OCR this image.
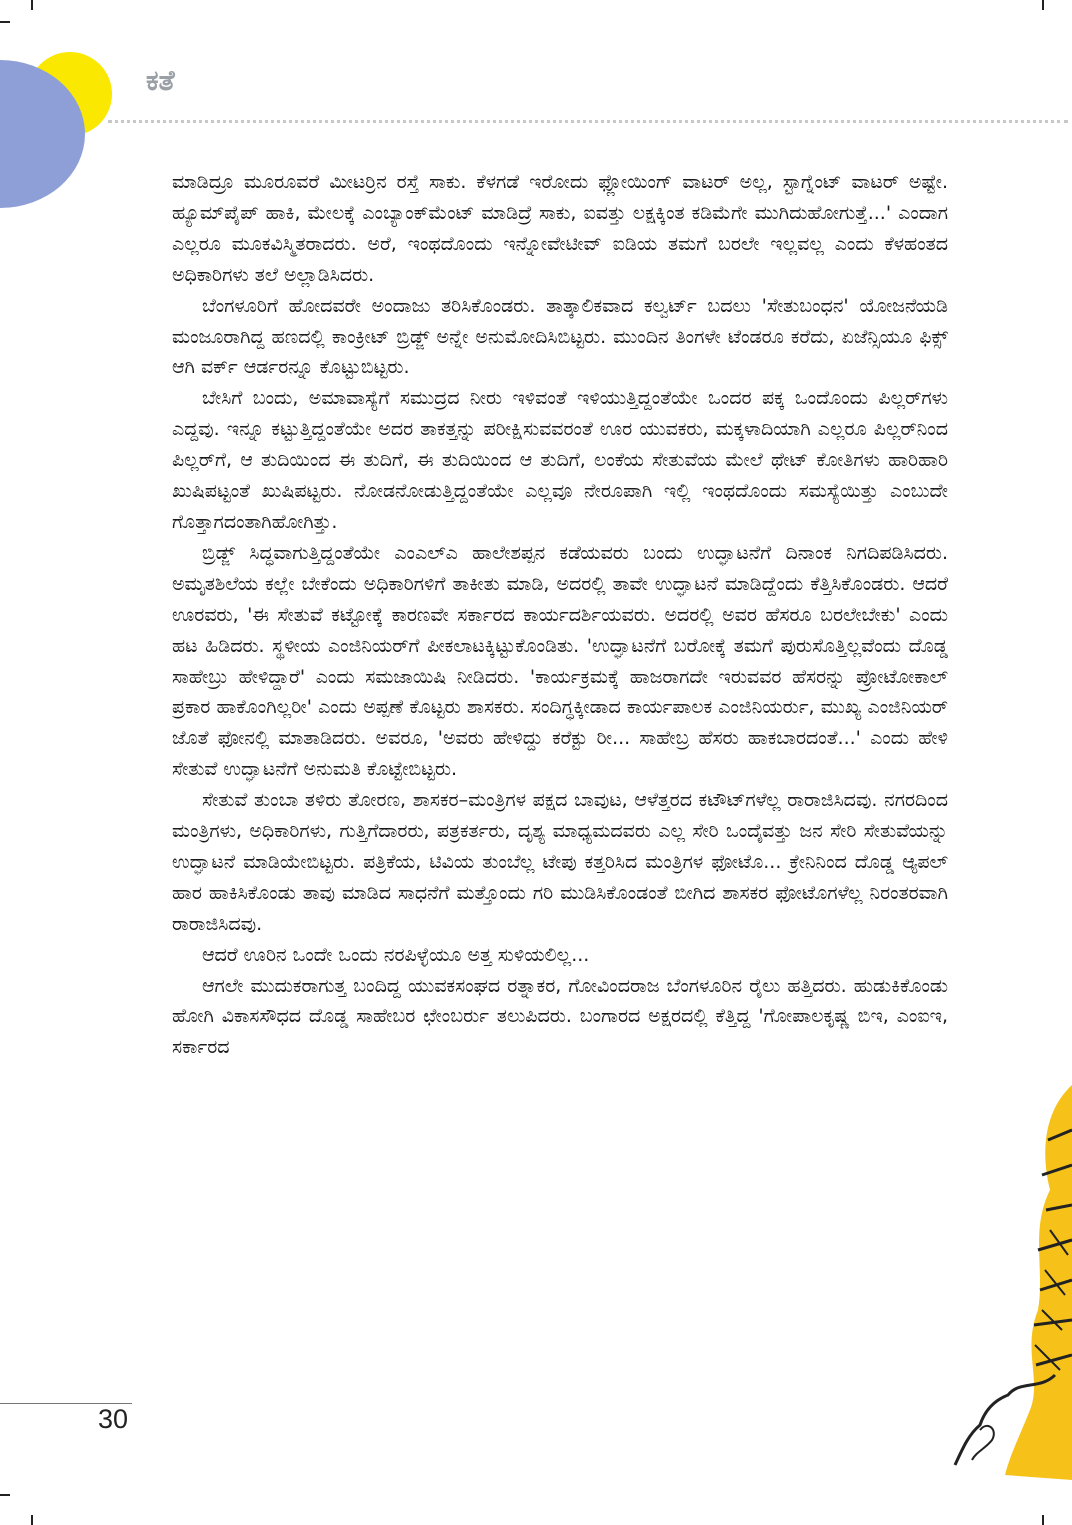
ಕತೆ

ಮಾಡಿದ್ರೂ ಮೂರೂವರೆ ಮೀಟರ್ರಿನ ರಸ್ತೆ ಸಾಕು. ಕೆಳಗಡೆ ಇರೋದು ಫ್ಲೋಯಿಂಗ್ ವಾಟರ್ ಅಲ್ಲ, ಸ್ಟಾಗ್ನೆಂಟ್ ವಾಟರ್ ಅಷ್ಟೇ. ಹ್ಯೂಮ್‌ಪೈಪ್ ಹಾಕಿ, ಮೇಲಕ್ಕೆ ಎಂಬ್ಯಾಂಕ್‌ಮೆಂಟ್ ಮಾಡಿದ್ರೆ ಸಾಕು, ಐವತ್ತು ಲಕ್ಷಕ್ಕಿಂತ ಕಡಿಮೆಗೇ ಮುಗಿದುಹೋಗುತ್ತೆ...' ಎಂದಾಗ ಎಲ್ಲರೂ ಮೂಕವಿಸ್ಮಿತರಾದರು. ಅರೆ, ಇಂಥದೊಂದು ಇನ್ನೋವೇಟೀವ್ ಐಡಿಯ ತಮಗೆ ಬರಲೇ ಇಲ್ಲವಲ್ಲ ಎಂದು ಕೆಳಹಂತದ ಅಧಿಕಾರಿಗಳು ತಲೆ ಅಲ್ಲಾಡಿಸಿದರು.

ಬೆಂಗಳೂರಿಗೆ ಹೋದವರೇ ಅಂದಾಜು ತರಿಸಿಕೊಂಡರು. ತಾತ್ಕಾಲಿಕವಾದ ಕಲ್ವರ್ಟ್ ಬದಲು 'ಸೇತುಬಂಧನ' ಯೋಜನೆಯಡಿ ಮಂಜೂರಾಗಿದ್ದ ಹಣದಲ್ಲಿ ಕಾಂಕ್ರೀಟ್ ಬ್ರಿಡ್ಜ್ ಅನ್ನೇ ಅನುಮೋದಿಸಿಬಿಟ್ಟರು. ಮುಂದಿನ ತಿಂಗಳೇ ಟೆಂಡರೂ ಕರೆದು, ಏಜೆನ್ಸಿಯೂ ಫಿಕ್ಸ್ ಆಗಿ ವರ್ಕ್ ಆರ್ಡರನ್ನೂ ಕೊಟ್ಟುಬಿಟ್ಟರು.

ಬೇಸಿಗೆ ಬಂದು, ಅಮಾವಾಸ್ಯೆಗೆ ಸಮುದ್ರದ ನೀರು ಇಳಿವಂತೆ ಇಳಿಯುತ್ತಿದ್ದಂತೆಯೇ ಒಂದರ ಪಕ್ಕ ಒಂದೊಂದು ಪಿಲ್ಲರ್‌ಗಳು ಎದ್ದವು. ಇನ್ನೂ ಕಟ್ಟುತ್ತಿದ್ದಂತೆಯೇ ಅದರ ತಾಕತ್ತನ್ನು ಪರೀಕ್ಷಿಸುವವರಂತೆ ಊರ ಯುವಕರು, ಮಕ್ಕಳಾದಿಯಾಗಿ ಎಲ್ಲರೂ ಪಿಲ್ಲರ್‌ನಿಂದ ಪಿಲ್ಲರ್‌ಗೆ, ಆ ತುದಿಯಿಂದ ಈ ತುದಿಗೆ, ಈ ತುದಿಯಿಂದ ಆ ತುದಿಗೆ, ಲಂಕೆಯ ಸೇತುವೆಯ ಮೇಲೆ ಥೇಟ್ ಕೋತಿಗಳು ಹಾರಿಹಾರಿ ಖುಷಿಪಟ್ಟಂತೆ ಖುಷಿಪಟ್ಟರು. ನೋಡನೋಡುತ್ತಿದ್ದಂತೆಯೇ ಎಲ್ಲವೂ ನೇರೂಪಾಗಿ ಇಲ್ಲಿ ಇಂಥದೊಂದು ಸಮಸ್ಯೆಯಿತ್ತು ಎಂಬುದೇ ಗೊತ್ತಾಗದಂತಾಗಿಹೋಗಿತ್ತು.

ಬ್ರಿಡ್ಜ್ ಸಿದ್ಧವಾಗುತ್ತಿದ್ದಂತೆಯೇ ಎಂಎಲ್‌ಎ ಹಾಲೇಶಪ್ಪನ ಕಡೆಯವರು ಬಂದು ಉದ್ಘಾಟನೆಗೆ ದಿನಾಂಕ ನಿಗದಿಪಡಿಸಿದರು. ಅಮೃತಶಿಲೆಯ ಕಲ್ಲೇ ಬೇಕೆಂದು ಅಧಿಕಾರಿಗಳಿಗೆ ತಾಕೀತು ಮಾಡಿ, ಅದರಲ್ಲಿ ತಾವೇ ಉದ್ಘಾಟನೆ ಮಾಡಿದ್ದೆಂದು ಕೆತ್ತಿಸಿಕೊಂಡರು. ಆದರೆ ಊರವರು, 'ಈ ಸೇತುವೆ ಕಟ್ಟೋಕ್ಕೆ ಕಾರಣವೇ ಸರ್ಕಾರದ ಕಾರ್ಯದರ್ಶಿಯವರು. ಅದರಲ್ಲಿ ಅವರ ಹೆಸರೂ ಬರಲೇಬೇಕು' ಎಂದು ಹಟ ಹಿಡಿದರು. ಸ್ಥಳೀಯ ಎಂಜಿನಿಯರ್‌ಗೆ ಪೀಕಲಾಟಕ್ಕಿಟ್ಟುಕೊಂಡಿತು. 'ಉದ್ಘಾಟನೆಗೆ ಬರೋಕ್ಕೆ ತಮಗೆ ಪುರುಸೊತ್ತಿಲ್ಲವೆಂದು ದೊಡ್ಡ ಸಾಹೇಬ್ರು ಹೇಳಿದ್ದಾರೆ' ಎಂದು ಸಮಜಾಯಿಷಿ ನೀಡಿದರು. 'ಕಾರ್ಯಕ್ರಮಕ್ಕೆ ಹಾಜರಾಗದೇ ಇರುವವರ ಹೆಸರನ್ನು ಪ್ರೋಟೋಕಾಲ್ ಪ್ರಕಾರ ಹಾಕೊಂಗಿಲ್ಲರೀ' ಎಂದು ಅಪ್ಪಣೆ ಕೊಟ್ಟರು ಶಾಸಕರು. ಸಂದಿಗ್ಧಕ್ಕೀಡಾದ ಕಾರ್ಯಪಾಲಕ ಎಂಜಿನಿಯರ್ರು, ಮುಖ್ಯ ಎಂಜಿನಿಯರ್ ಜೊತೆ ಫೋನಲ್ಲಿ ಮಾತಾಡಿದರು. ಅವರೂ, 'ಅವರು ಹೇಳಿದ್ದು ಕರೆಕ್ಟು ರೀ... ಸಾಹೇಬ್ರ ಹೆಸರು ಹಾಕಬಾರದಂತೆ...' ಎಂದು ಹೇಳಿ ಸೇತುವೆ ಉದ್ಘಾಟನೆಗೆ ಅನುಮತಿ ಕೊಟ್ಟೇಬಿಟ್ಟರು.

ಸೇತುವೆ ತುಂಬಾ ತಳಿರು ತೋರಣ, ಶಾಸಕರ–ಮಂತ್ರಿಗಳ ಪಕ್ಷದ ಬಾವುಟ, ಆಳೆತ್ತರದ ಕಟೌಟ್‌ಗಳೆಲ್ಲ ರಾರಾಜಿಸಿದವು. ನಗರದಿಂದ ಮಂತ್ರಿಗಳು, ಅಧಿಕಾರಿಗಳು, ಗುತ್ತಿಗೆದಾರರು, ಪತ್ರಕರ್ತರು, ದೃಶ್ಯ ಮಾಧ್ಯಮದವರು ಎಲ್ಲ ಸೇರಿ ಒಂದೈವತ್ತು ಜನ ಸೇರಿ ಸೇತುವೆಯನ್ನು ಉದ್ಘಾಟನೆ ಮಾಡಿಯೇಬಿಟ್ಟರು. ಪತ್ರಿಕೆಯ, ಟಿವಿಯ ತುಂಬೆಲ್ಲ ಟೇಪು ಕತ್ತರಿಸಿದ ಮಂತ್ರಿಗಳ ಫೋಟೊ... ಕ್ರೇನಿನಿಂದ ದೊಡ್ಡ ಆ್ಯಪಲ್ ಹಾರ ಹಾಕಿಸಿಕೊಂಡು ತಾವು ಮಾಡಿದ ಸಾಧನೆಗೆ ಮತ್ತೊಂದು ಗರಿ ಮುಡಿಸಿಕೊಂಡಂತೆ ಬೀಗಿದ ಶಾಸಕರ ಫೋಟೊಗಳೆಲ್ಲ ನಿರಂತರವಾಗಿ ರಾರಾಜಿಸಿದವು.

ಆದರೆ ಊರಿನ ಒಂದೇ ಒಂದು ನರಪಿಳ್ಳೆಯೂ ಅತ್ತ ಸುಳಿಯಲಿಲ್ಲ...

ಆಗಲೇ ಮುದುಕರಾಗುತ್ತ ಬಂದಿದ್ದ ಯುವಕಸಂಘದ ರತ್ನಾಕರ, ಗೋವಿಂದರಾಜ ಬೆಂಗಳೂರಿನ ರೈಲು ಹತ್ತಿದರು. ಹುಡುಕಿಕೊಂಡು ಹೋಗಿ ವಿಕಾಸಸೌಧದ ದೊಡ್ಡ ಸಾಹೇಬರ ಛೇಂಬರ್ರು ತಲುಪಿದರು. ಬಂಗಾರದ ಅಕ್ಷರದಲ್ಲಿ ಕೆತ್ತಿದ್ದ 'ಗೋಪಾಲಕೃಷ್ಣ ಬಿಇ, ಎಂಐಇ, ಸರ್ಕಾರದ

30
